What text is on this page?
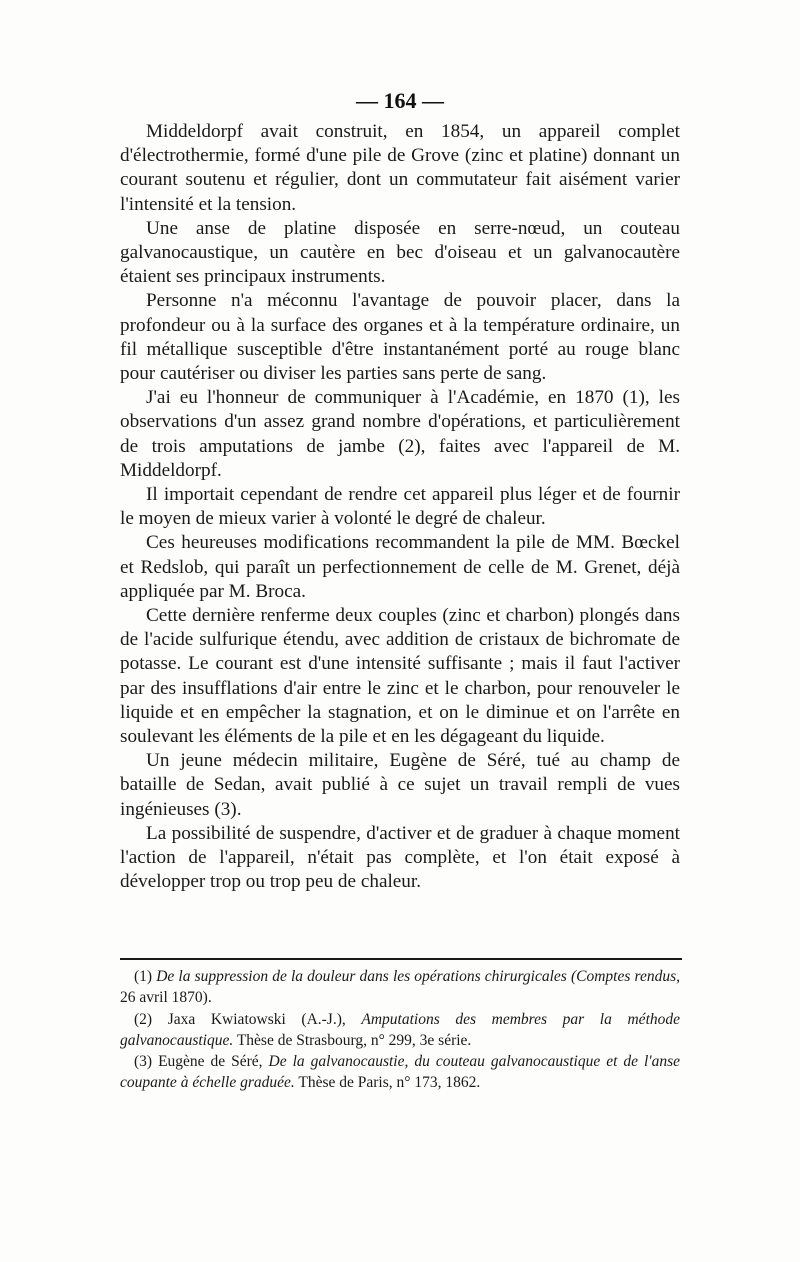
— 164 —

Middeldorpf avait construit, en 1854, un appareil complet d'électrothermie, formé d'une pile de Grove (zinc et platine) donnant un courant soutenu et régulier, dont un commutateur fait aisément varier l'intensité et la tension.

Une anse de platine disposée en serre-nœud, un couteau galvanocaustique, un cautère en bec d'oiseau et un galvanocautère étaient ses principaux instruments.

Personne n'a méconnu l'avantage de pouvoir placer, dans la profondeur ou à la surface des organes et à la température ordinaire, un fil métallique susceptible d'être instantanément porté au rouge blanc pour cautériser ou diviser les parties sans perte de sang.

J'ai eu l'honneur de communiquer à l'Académie, en 1870 (1), les observations d'un assez grand nombre d'opérations, et particulièrement de trois amputations de jambe (2), faites avec l'appareil de M. Middeldorpf.

Il importait cependant de rendre cet appareil plus léger et de fournir le moyen de mieux varier à volonté le degré de chaleur.

Ces heureuses modifications recommandent la pile de MM. Bœckel et Redslob, qui paraît un perfectionnement de celle de M. Grenet, déjà appliquée par M. Broca.

Cette dernière renferme deux couples (zinc et charbon) plongés dans de l'acide sulfurique étendu, avec addition de cristaux de bichromate de potasse. Le courant est d'une intensité suffisante ; mais il faut l'activer par des insufflations d'air entre le zinc et le charbon, pour renouveler le liquide et en empêcher la stagnation, et on le diminue et on l'arrête en soulevant les éléments de la pile et en les dégageant du liquide.

Un jeune médecin militaire, Eugène de Séré, tué au champ de bataille de Sedan, avait publié à ce sujet un travail rempli de vues ingénieuses (3).

La possibilité de suspendre, d'activer et de graduer à chaque moment l'action de l'appareil, n'était pas complète, et l'on était exposé à développer trop ou trop peu de chaleur.

(1) De la suppression de la douleur dans les opérations chirurgicales (Comptes rendus, 26 avril 1870).

(2) Jaxa Kwiatowski (A.-J.), Amputations des membres par la méthode galvanocaustique. Thèse de Strasbourg, n° 299, 3e série.

(3) Eugène de Séré, De la galvanocaustie, du couteau galvanocaustique et de l'anse coupante à échelle graduée. Thèse de Paris, n° 173, 1862.
